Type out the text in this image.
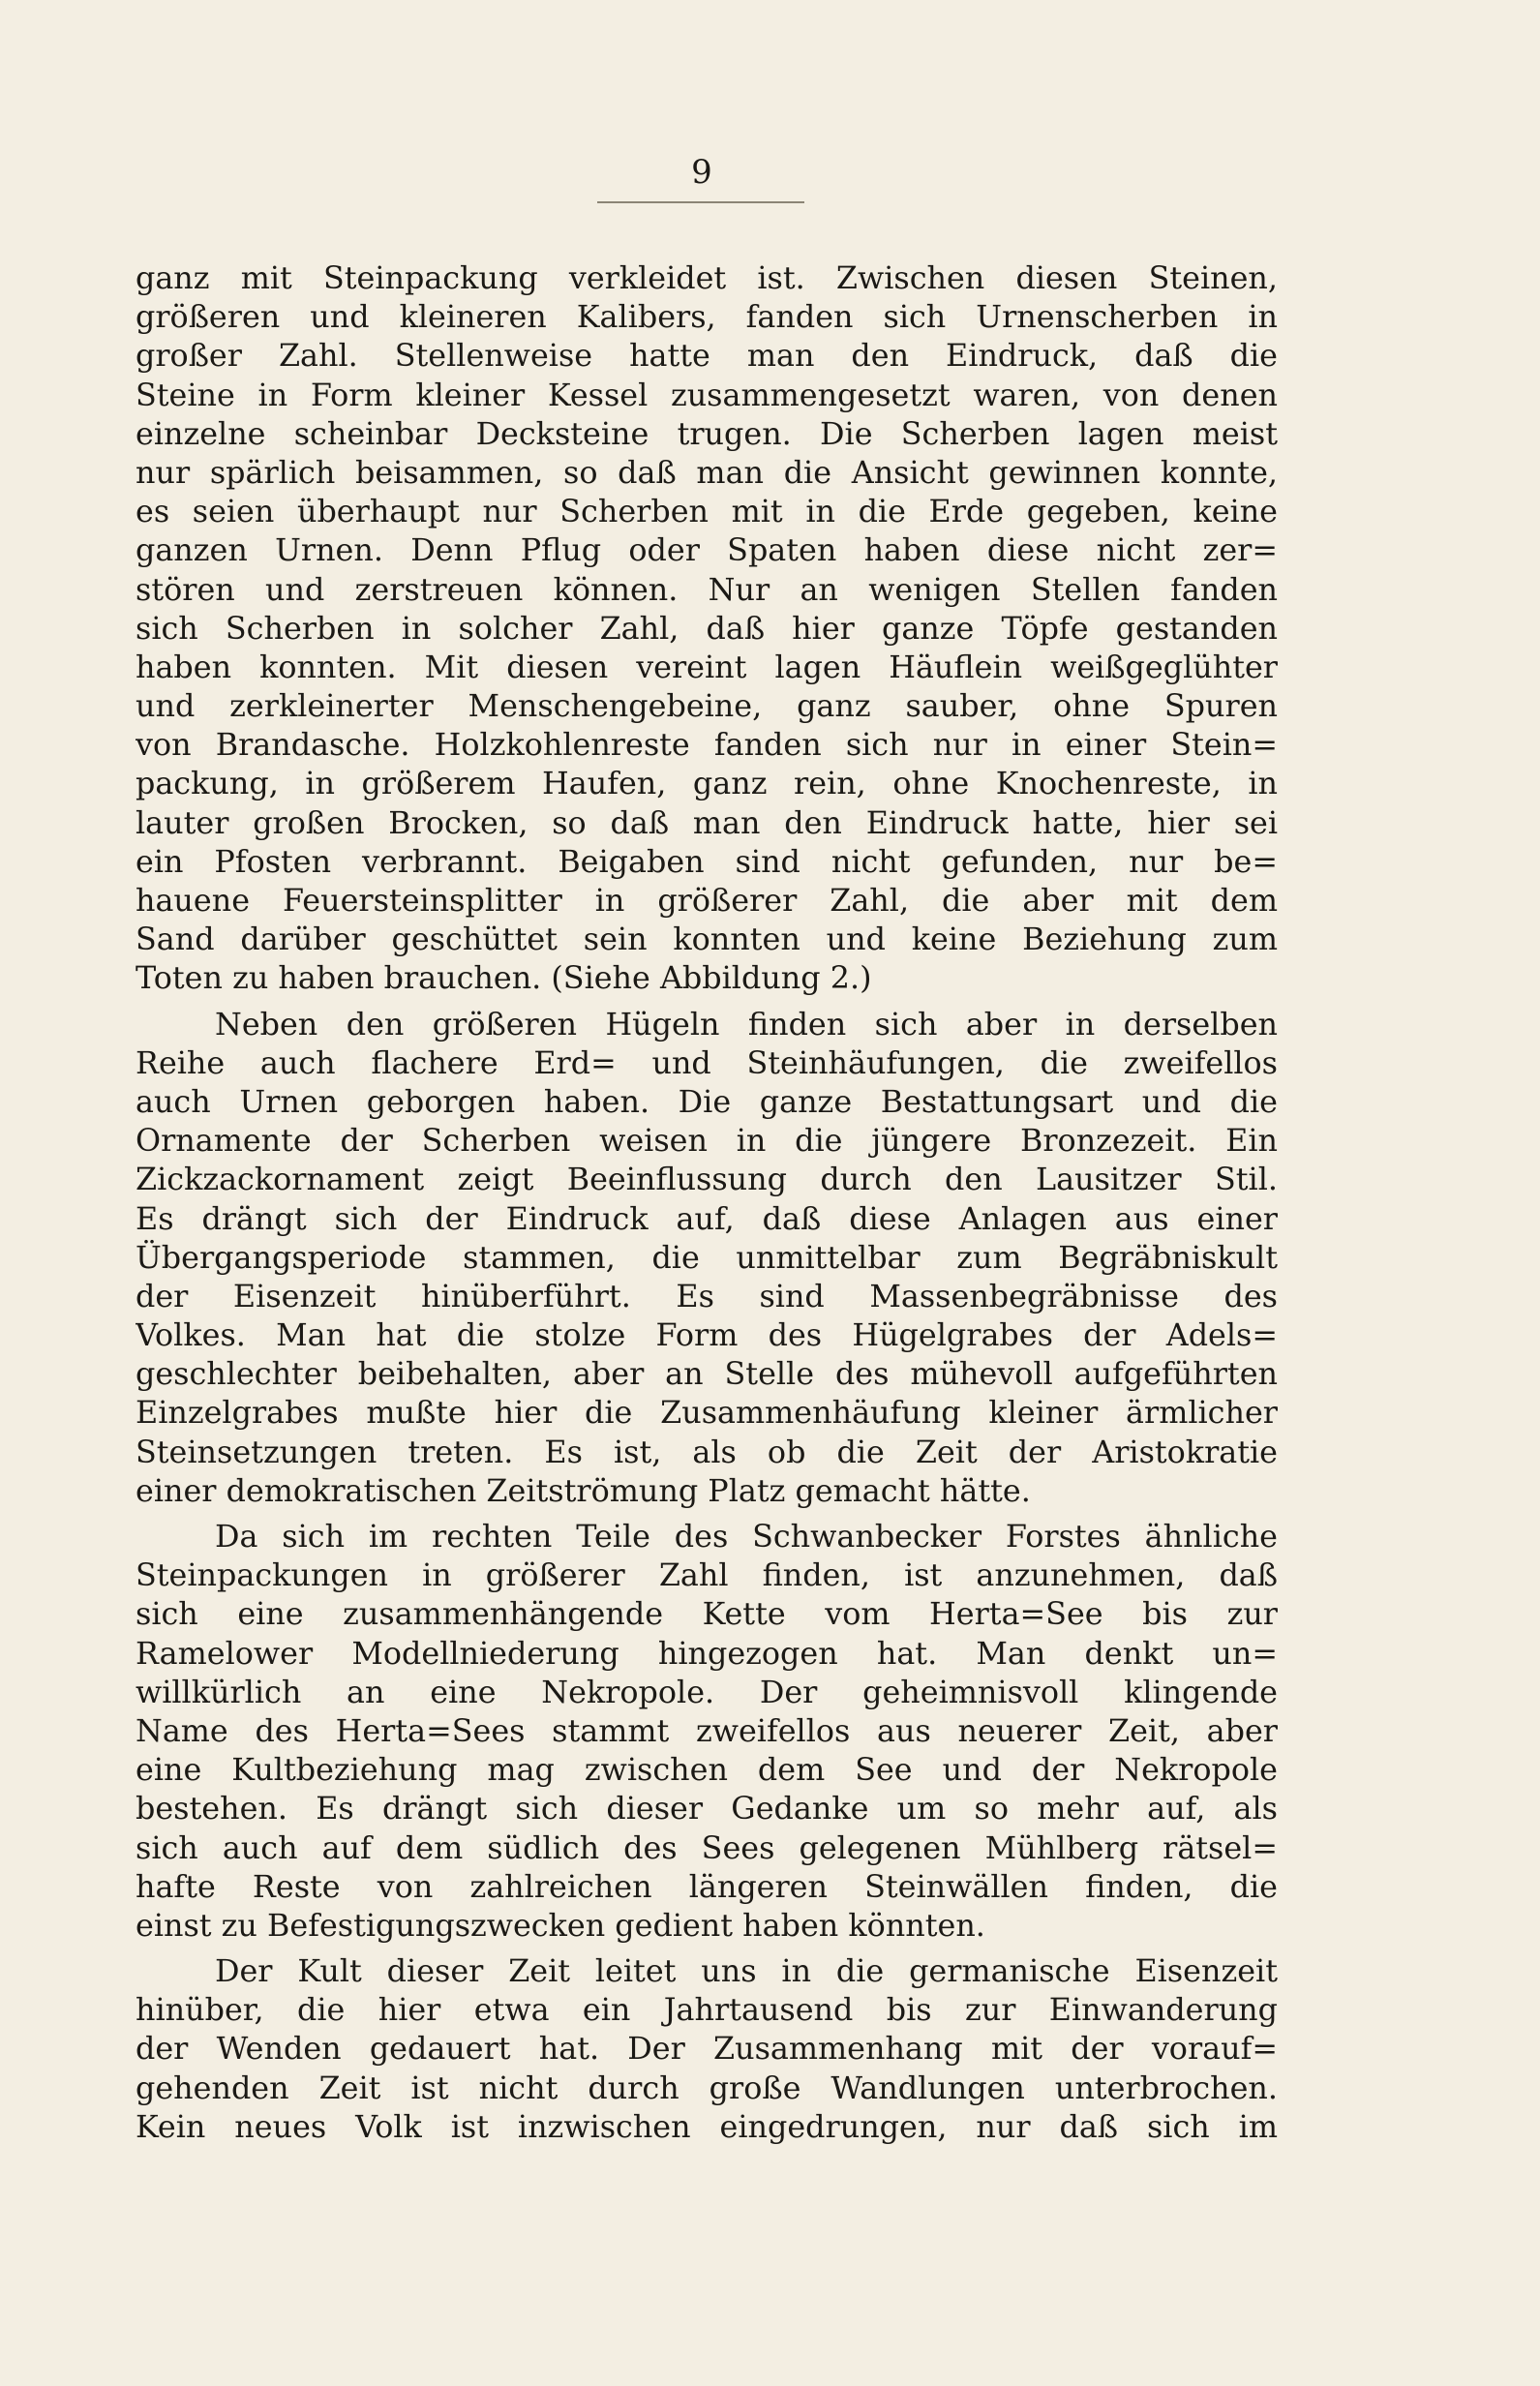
9
ganz mit Steinpackung verkleidet ist. Zwischen diesen Steinen,
größeren und kleineren Kalibers, fanden sich Urnenscherben in
großer Zahl. Stellenweise hatte man den Eindruck, daß die
Steine in Form kleiner Kessel zusammengesetzt waren, von denen
einzelne scheinbar Decksteine trugen. Die Scherben lagen meist
nur spärlich beisammen, so daß man die Ansicht gewinnen konnte,
es seien überhaupt nur Scherben mit in die Erde gegeben, keine
ganzen Urnen. Denn Pflug oder Spaten haben diese nicht zer=
stören und zerstreuen können. Nur an wenigen Stellen fanden
sich Scherben in solcher Zahl, daß hier ganze Töpfe gestanden
haben konnten. Mit diesen vereint lagen Häuflein weißgeglühter
und zerkleinerter Menschengebeine, ganz sauber, ohne Spuren
von Brandasche. Holzkohlenreste fanden sich nur in einer Stein=
packung, in größerem Haufen, ganz rein, ohne Knochenreste, in
lauter großen Brocken, so daß man den Eindruck hatte, hier sei
ein Pfosten verbrannt. Beigaben sind nicht gefunden, nur be=
hauene Feuersteinsplitter in größerer Zahl, die aber mit dem
Sand darüber geschüttet sein konnten und keine Beziehung zum
Toten zu haben brauchen. (Siehe Abbildung 2.)
Neben den größeren Hügeln finden sich aber in derselben
Reihe auch flachere Erd= und Steinhäufungen, die zweifellos
auch Urnen geborgen haben. Die ganze Bestattungsart und die
Ornamente der Scherben weisen in die jüngere Bronzezeit. Ein
Zickzackornament zeigt Beeinflussung durch den Lausitzer Stil.
Es drängt sich der Eindruck auf, daß diese Anlagen aus einer
Übergangsperiode stammen, die unmittelbar zum Begräbniskult
der Eisenzeit hinüberführt. Es sind Massenbegräbnisse des
Volkes. Man hat die stolze Form des Hügelgrabes der Adels=
geschlechter beibehalten, aber an Stelle des mühevoll aufgeführten
Einzelgrabes mußte hier die Zusammenhäufung kleiner ärmlicher
Steinsetzungen treten. Es ist, als ob die Zeit der Aristokratie
einer demokratischen Zeitströmung Platz gemacht hätte.
Da sich im rechten Teile des Schwanbecker Forstes ähnliche
Steinpackungen in größerer Zahl finden, ist anzunehmen, daß
sich eine zusammenhängende Kette vom Herta=See bis zur
Ramelower Modellniederung hingezogen hat. Man denkt un=
willkürlich an eine Nekropole. Der geheimnisvoll klingende
Name des Herta=Sees stammt zweifellos aus neuerer Zeit, aber
eine Kultbeziehung mag zwischen dem See und der Nekropole
bestehen. Es drängt sich dieser Gedanke um so mehr auf, als
sich auch auf dem südlich des Sees gelegenen Mühlberg rätsel=
hafte Reste von zahlreichen längeren Steinwällen finden, die
einst zu Befestigungszwecken gedient haben könnten.
Der Kult dieser Zeit leitet uns in die germanische Eisenzeit
hinüber, die hier etwa ein Jahrtausend bis zur Einwanderung
der Wenden gedauert hat. Der Zusammenhang mit der vorauf=
gehenden Zeit ist nicht durch große Wandlungen unterbrochen.
Kein neues Volk ist inzwischen eingedrungen, nur daß sich im
